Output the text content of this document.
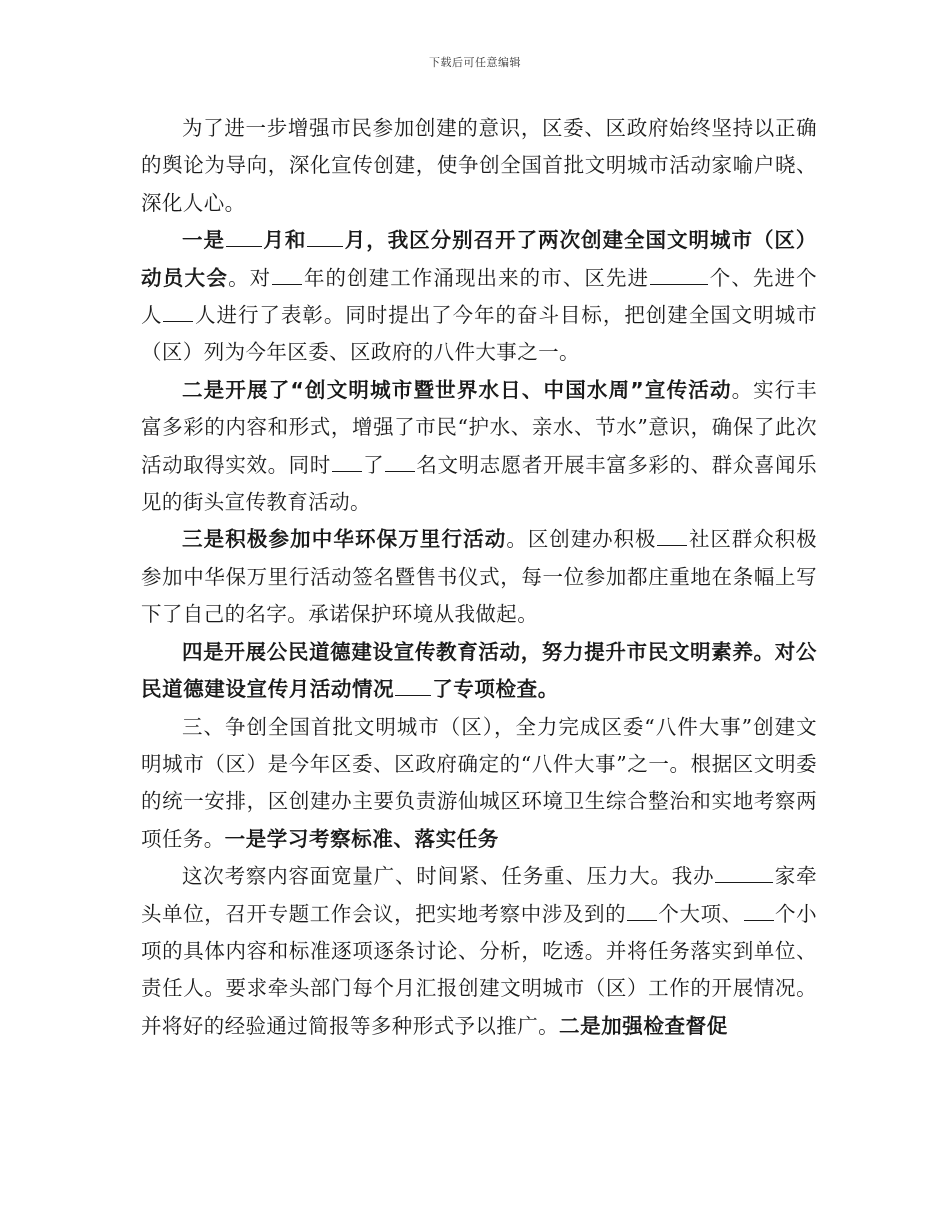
下载后可任意编辑

为了进一步增强市民参加创建的意识，区委、区政府始终坚持以正确的舆论为导向，深化宣传创建，使争创全国首批文明城市活动家喻户晓、深化人心。

一是 月和 月，我区分别召开了两次创建全国文明城市（区）动员大会。对 年的创建工作涌现出来的市、区先进	个、先进个人 人进行了表彰。同时提出了今年的奋斗目标，把创建全国文明城市（区）列为今年区委、区政府的八件大事之一。

二是开展了“创文明城市暨世界水日、中国水周”宣传活动。实行丰富多彩的内容和形式，增强了市民“护水、亲水、节水”意识，确保了此次活动取得实效。同时 了 名文明志愿者开展丰富多彩的、群众喜闻乐见的街头宣传教育活动。

三是积极参加中华环保万里行活动。区创建办积极 社区群众积极参加中华保万里行活动签名暨售书仪式，每一位参加都庄重地在条幅上写下了自己的名字。承诺保护环境从我做起。

四是开展公民道德建设宣传教育活动，努力提升市民文明素养。对公民道德建设宣传月活动情况 了专项检查。

三、争创全国首批文明城市（区），全力完成区委“八件大事”创建文明城市（区）是今年区委、区政府确定的“八件大事”之一。根据区文明委的统一安排，区创建办主要负责游仙城区环境卫生综合整治和实地考察两项任务。一是学习考察标准、落实任务

这次考察内容面宽量广、时间紧、任务重、压力大。我办	家牵头单位，召开专题工作会议，把实地考察中涉及到的 个大项、 个小项的具体内容和标准逐项逐条讨论、分析，吃透。并将任务落实到单位、责任人。要求牵头部门每个月汇报创建文明城市（区）工作的开展情况。并将好的经验通过简报等多种形式予以推广。二是加强检查督促
